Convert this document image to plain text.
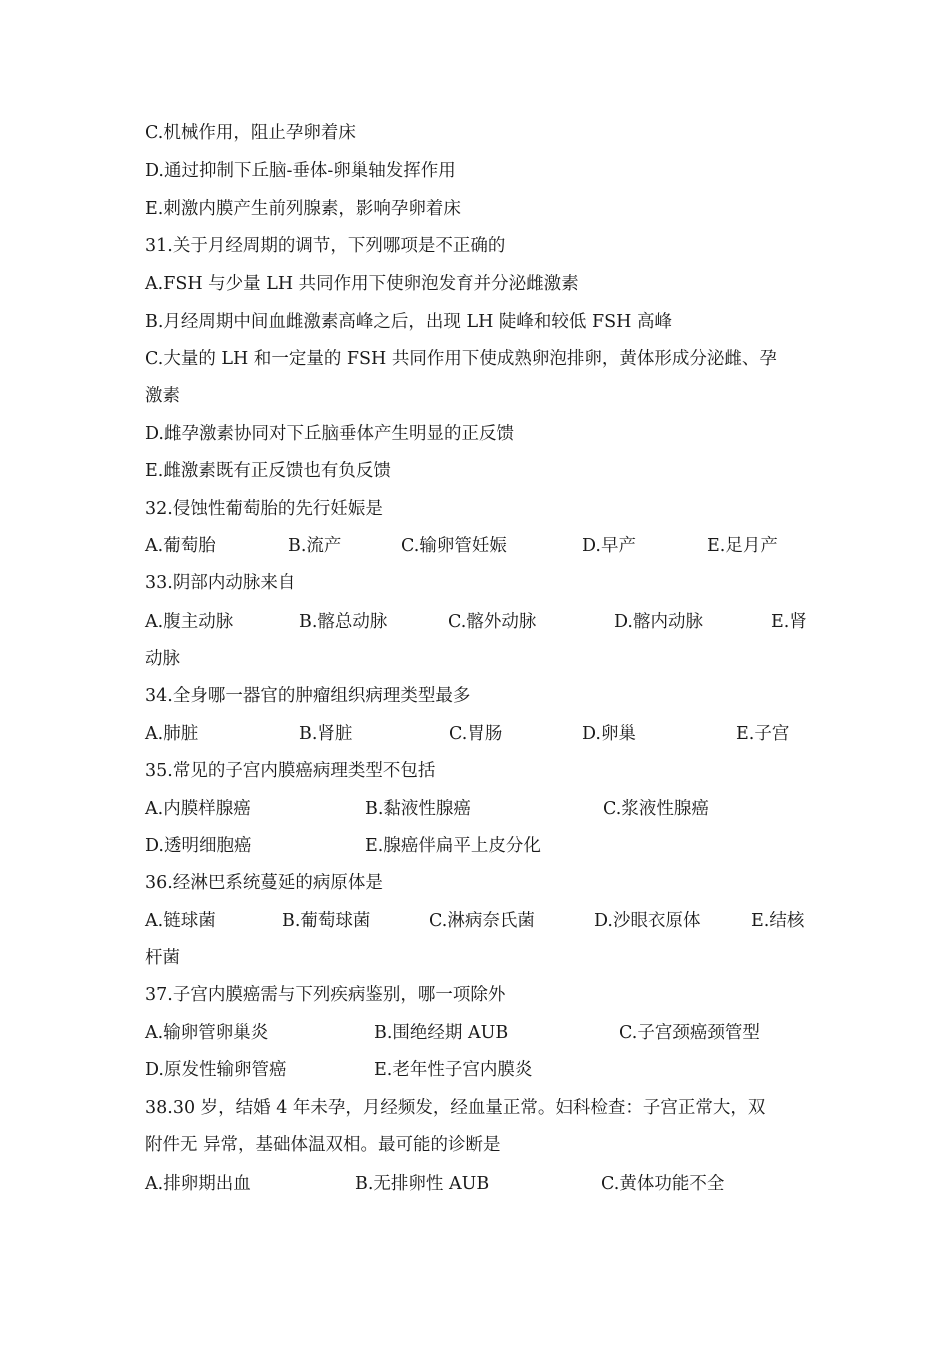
C.机械作用，阻止孕卵着床
D.通过抑制下丘脑-垂体-卵巢轴发挥作用
E.刺激内膜产生前列腺素，影响孕卵着床
31.关于月经周期的调节，下列哪项是不正确的
A.FSH 与少量 LH 共同作用下使卵泡发育并分泌雌激素
B.月经周期中间血雌激素高峰之后，出现 LH 陡峰和较低 FSH 高峰
C.大量的 LH 和一定量的 FSH 共同作用下使成熟卵泡排卵，黄体形成分泌雌、孕
激素
D.雌孕激素协同对下丘脑垂体产生明显的正反馈
E.雌激素既有正反馈也有负反馈
32.侵蚀性葡萄胎的先行妊娠是
A.葡萄胎	B.流产	C.输卵管妊娠	D.早产	E.足月产
33.阴部内动脉来自
A.腹主动脉	B.髂总动脉	C.髂外动脉	D.髂内动脉	E.肾
动脉
34.全身哪一器官的肿瘤组织病理类型最多
A.肺脏	B.肾脏	C.胃肠	D.卵巢	E.子宫
35.常见的子宫内膜癌病理类型不包括
A.内膜样腺癌	B.黏液性腺癌	C.浆液性腺癌
D.透明细胞癌	E.腺癌伴扁平上皮分化
36.经淋巴系统蔓延的病原体是
A.链球菌	B.葡萄球菌	C.淋病奈氏菌	D.沙眼衣原体	E.结核
杆菌
37.子宫内膜癌需与下列疾病鉴别，哪一项除外
A.输卵管卵巢炎	B.围绝经期 AUB	C.子宫颈癌颈管型
D.原发性输卵管癌	E.老年性子宫内膜炎
38.30 岁，结婚 4 年未孕，月经频发，经血量正常。妇科检查：子宫正常大，双
附件无 异常，基础体温双相。最可能的诊断是
A.排卵期出血	B.无排卵性 AUB	C.黄体功能不全
